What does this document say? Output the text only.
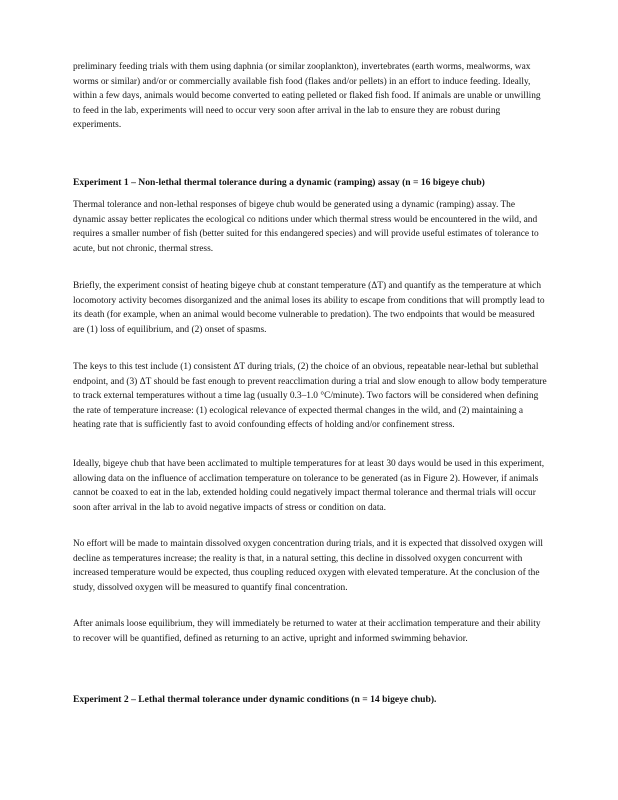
preliminary feeding trials with them using daphnia (or similar zooplankton), invertebrates (earth worms, mealworms, wax worms or similar) and/or or commercially available fish food (flakes and/or pellets) in an effort to induce feeding. Ideally, within a few days, animals would become converted to eating pelleted or flaked fish food. If animals are unable or unwilling to feed in the lab, experiments will need to occur very soon after arrival in the lab to ensure they are robust during experiments.

Experiment 1 – Non-lethal thermal tolerance during a dynamic (ramping) assay (n = 16 bigeye chub)

Thermal tolerance and non-lethal responses of bigeye chub would be generated using a dynamic (ramping) assay. The dynamic assay better replicates the ecological co nditions under which thermal stress would be encountered in the wild, and requires a smaller number of fish (better suited for this endangered species) and will provide useful estimates of tolerance to acute, but not chronic, thermal stress.

Briefly, the experiment consist of heating bigeye chub at constant temperature (ΔT) and quantify as the temperature at which locomotory activity becomes disorganized and the animal loses its ability to escape from conditions that will promptly lead to its death (for example, when an animal would become vulnerable to predation). The two endpoints that would be measured are (1) loss of equilibrium, and (2) onset of spasms.

The keys to this test include (1) consistent ΔT during trials, (2) the choice of an obvious, repeatable near-lethal but sublethal endpoint, and (3) ΔT should be fast enough to prevent reacclimation during a trial and slow enough to allow body temperature to track external temperatures without a time lag (usually 0.3–1.0 °C/minute). Two factors will be considered when defining the rate of temperature increase: (1) ecological relevance of expected thermal changes in the wild, and (2) maintaining a heating rate that is sufficiently fast to avoid confounding effects of holding and/or confinement stress.

Ideally, bigeye chub that have been acclimated to multiple temperatures for at least 30 days would be used in this experiment, allowing data on the influence of acclimation temperature on tolerance to be generated (as in Figure 2). However, if animals cannot be coaxed to eat in the lab, extended holding could negatively impact thermal tolerance and thermal trials will occur soon after arrival in the lab to avoid negative impacts of stress or condition on data.

No effort will be made to maintain dissolved oxygen concentration during trials, and it is expected that dissolved oxygen will decline as temperatures increase; the reality is that, in a natural setting, this decline in dissolved oxygen concurrent with increased temperature would be expected, thus coupling reduced oxygen with elevated temperature. At the conclusion of the study, dissolved oxygen will be measured to quantify final concentration.

After animals loose equilibrium, they will immediately be returned to water at their acclimation temperature and their ability to recover will be quantified, defined as returning to an active, upright and informed swimming behavior.

Experiment 2 – Lethal thermal tolerance under dynamic conditions (n = 14 bigeye chub).
